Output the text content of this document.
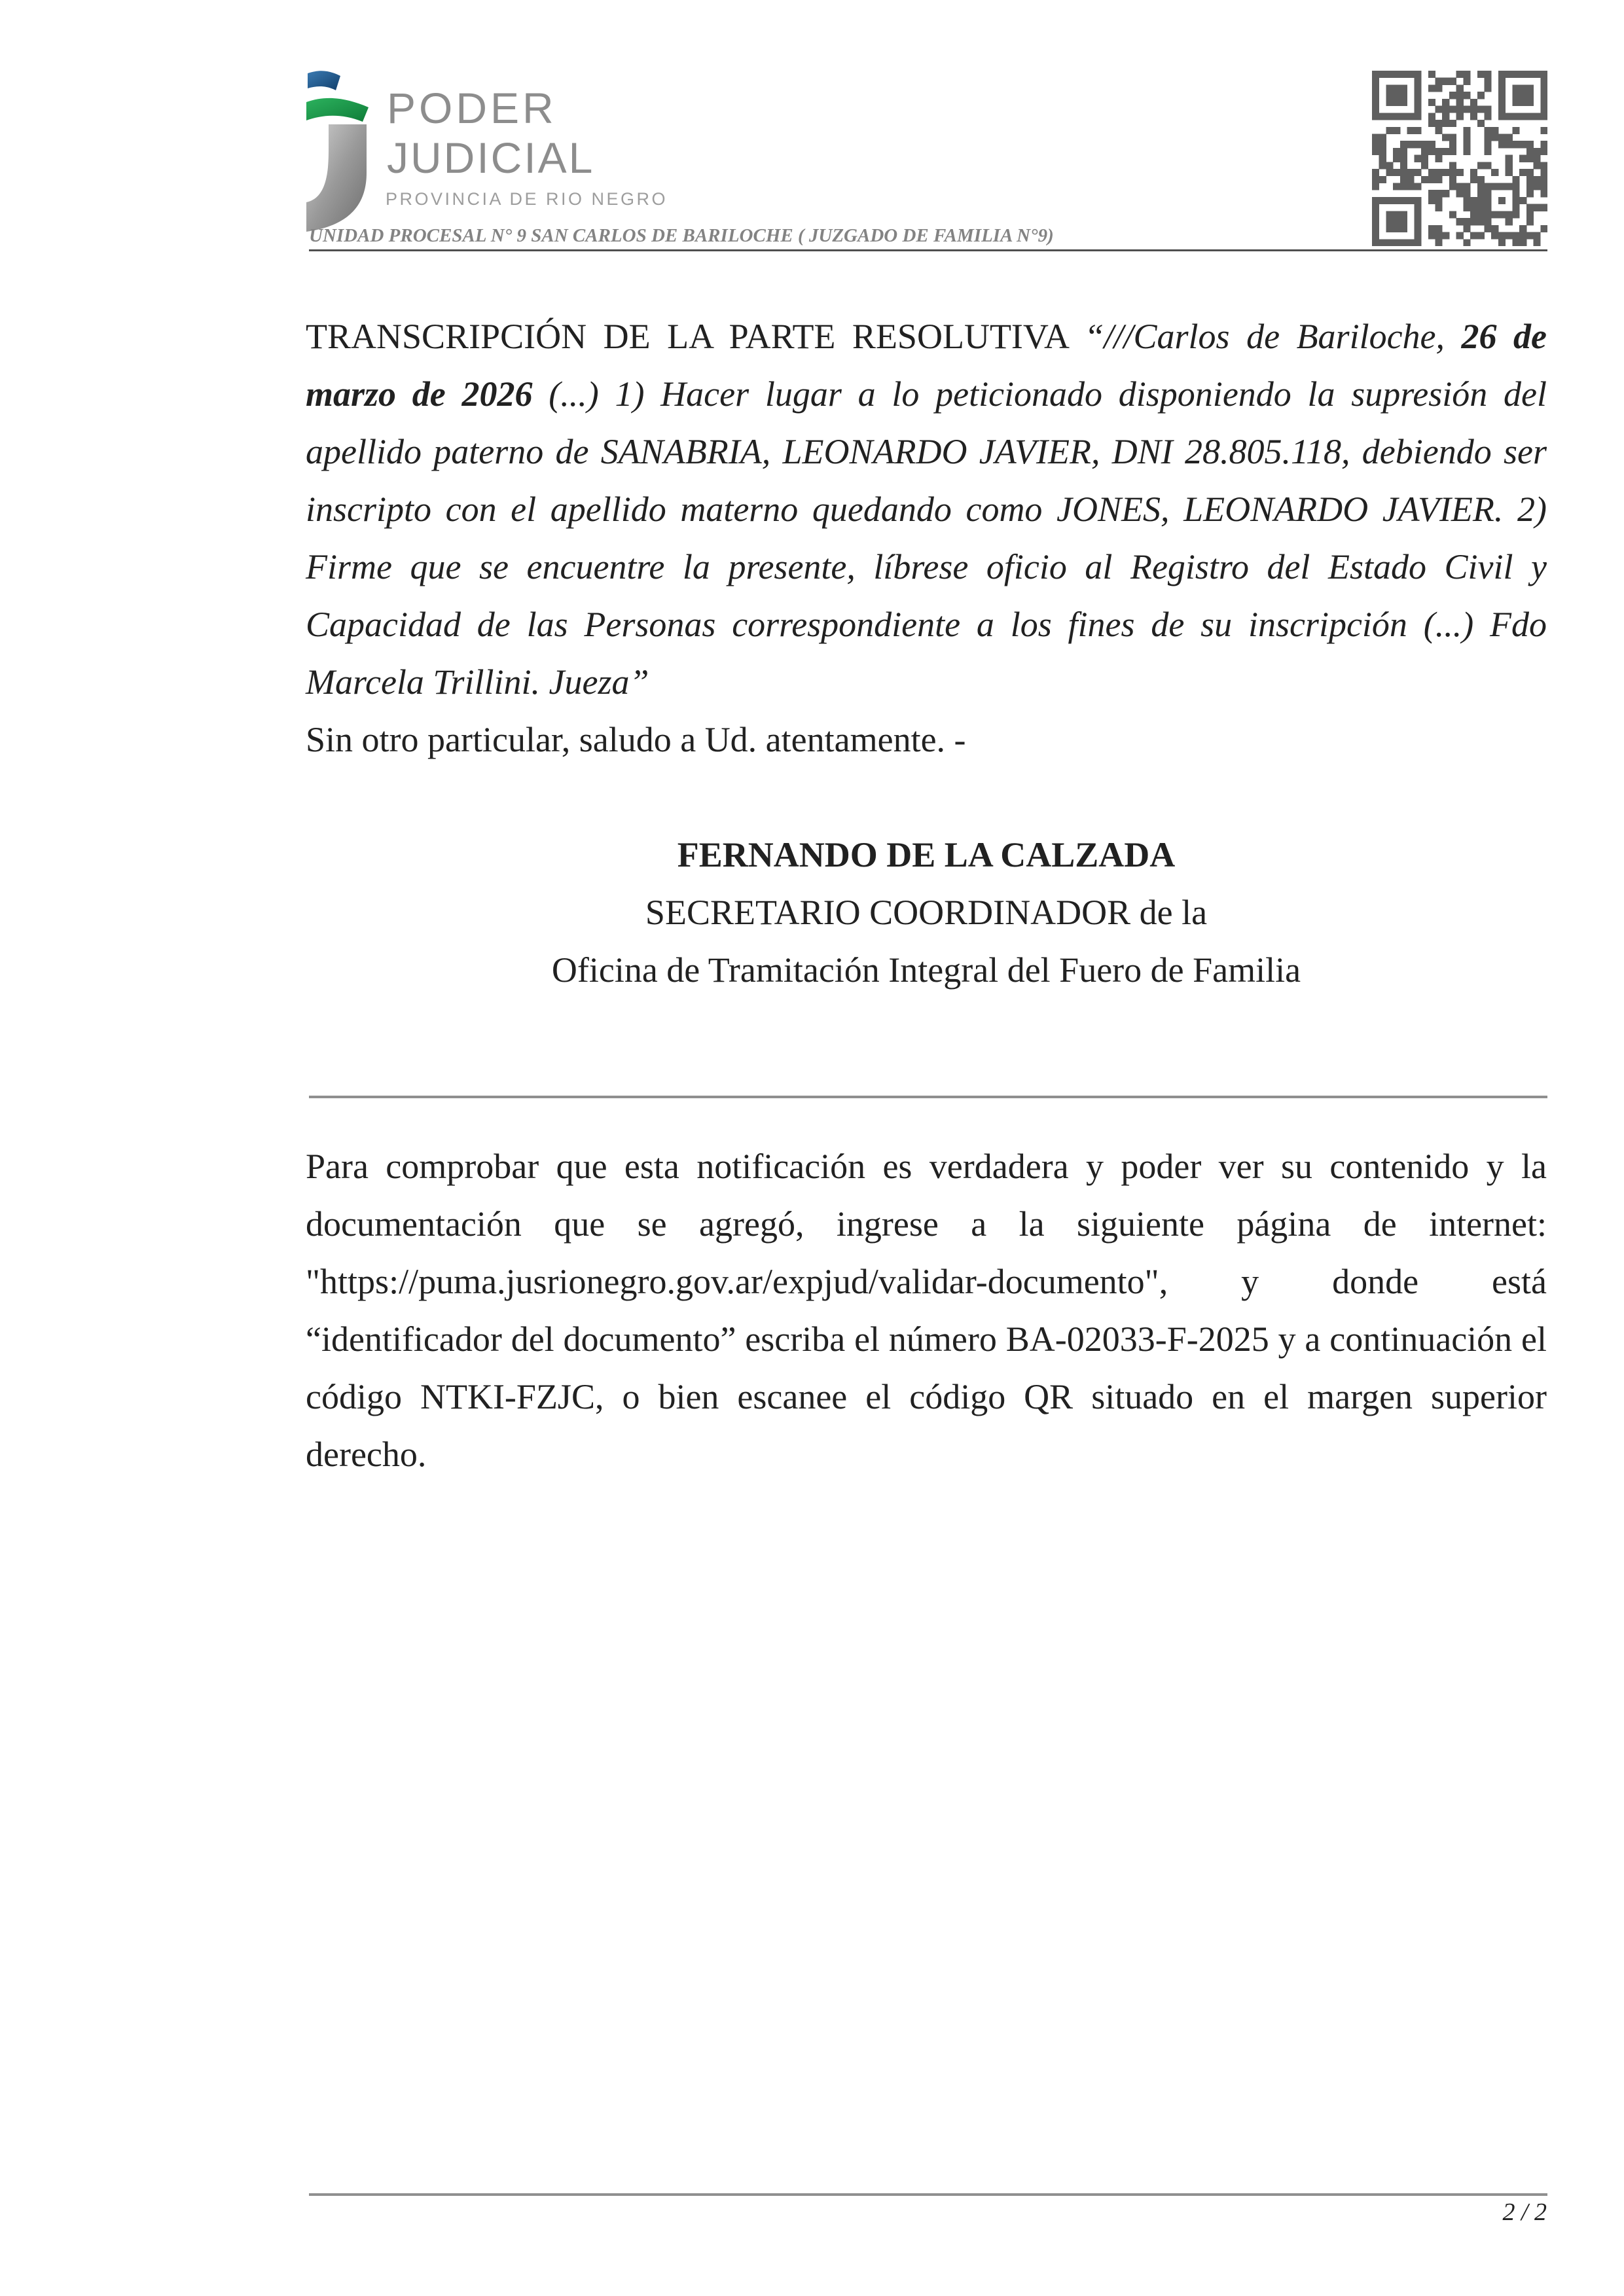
PODER
JUDICIAL
PROVINCIA DE RIO NEGRO
UNIDAD PROCESAL N° 9 SAN CARLOS DE BARILOCHE ( JUZGADO DE FAMILIA N°9)
TRANSCRIPCIÓN DE LA PARTE RESOLUTIVA “///Carlos de Bariloche, 26 de marzo de 2026 (...) 1) Hacer lugar a lo peticionado disponiendo la supresión del apellido paterno de SANABRIA, LEONARDO JAVIER, DNI 28.805.118, debiendo ser inscripto con el apellido materno quedando como JONES, LEONARDO JAVIER. 2) Firme que se encuentre la presente, líbrese oficio al Registro del Estado Civil y Capacidad de las Personas correspondiente a los fines de su inscripción (...) Fdo Marcela Trillini. Jueza”
Sin otro particular, saludo a Ud. atentamente. -
FERNANDO DE LA CALZADA
SECRETARIO COORDINADOR de la
Oficina de Tramitación Integral del Fuero de Familia
Para comprobar que esta notificación es verdadera y poder ver su contenido y la documentación que se agregó, ingrese a la siguiente página de internet: "https://puma.jusrionegro.gov.ar/expjud/validar-documento", y donde está “identificador del documento” escriba el número BA-02033-F-2025 y a continuación el código NTKI-FZJC, o bien escanee el código QR situado en el margen superior derecho.
2 / 2
